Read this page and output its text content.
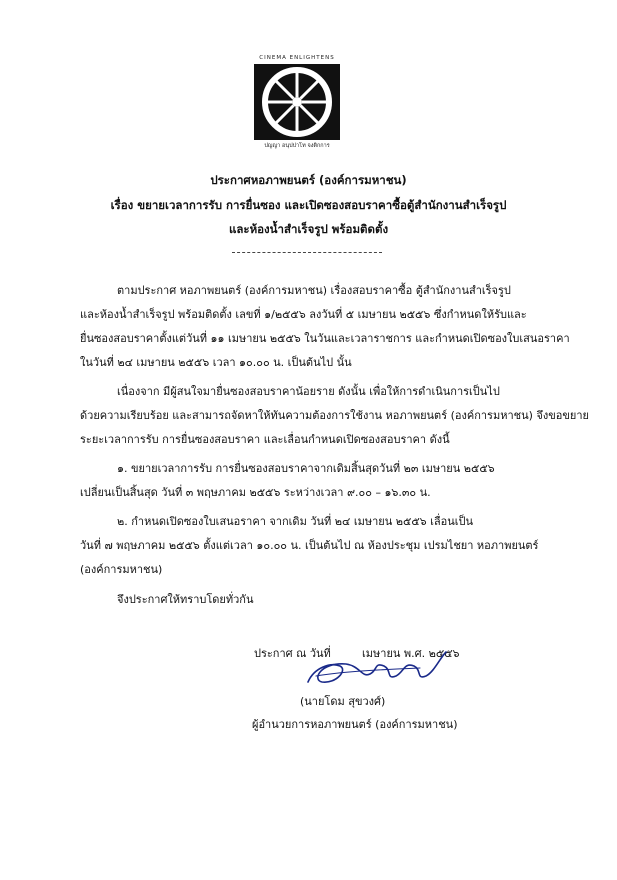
CINEMA ENLIGHTENS
ปญญา อนุปปาโท จงติกการ
ประกาศหอภาพยนตร์ (องค์การมหาชน)
เรื่อง ขยายเวลาการรับ การยื่นซอง และเปิดซองสอบราคาซื้อตู้สำนักงานสำเร็จรูป
และห้องน้ำสำเร็จรูป พร้อมติดตั้ง
ตามประกาศ หอภาพยนตร์ (องค์การมหาชน) เรื่องสอบราคาซื้อ ตู้สำนักงานสำเร็จรูป
และห้องน้ำสำเร็จรูป พร้อมติดตั้ง เลขที่ ๑/๒๕๕๖ ลงวันที่ ๕ เมษายน ๒๕๕๖ ซึ่งกำหนดให้รับและ
ยื่นซองสอบราคาตั้งแต่วันที่ ๑๑ เมษายน ๒๕๕๖ ในวันและเวลาราชการ และกำหนดเปิดซองใบเสนอราคา
ในวันที่ ๒๔ เมษายน ๒๕๕๖ เวลา ๑๐.๐๐ น. เป็นต้นไป นั้น
เนื่องจาก มีผู้สนใจมายื่นซองสอบราคาน้อยราย ดังนั้น เพื่อให้การดำเนินการเป็นไป
ด้วยความเรียบร้อย และสามารถจัดหาให้ทันความต้องการใช้งาน หอภาพยนตร์ (องค์การมหาชน) จึงขอขยาย
ระยะเวลาการรับ การยื่นซองสอบราคา และเลื่อนกำหนดเปิดซองสอบราคา ดังนี้
๑. ขยายเวลาการรับ การยื่นซองสอบราคาจากเดิมสิ้นสุดวันที่ ๒๓ เมษายน ๒๕๕๖
เปลี่ยนเป็นสิ้นสุด วันที่ ๓ พฤษภาคม ๒๕๕๖ ระหว่างเวลา ๙.๐๐ – ๑๖.๓๐ น.
๒. กำหนดเปิดซองใบเสนอราคา จากเดิม วันที่ ๒๔ เมษายน ๒๕๕๖ เลื่อนเป็น
วันที่ ๗ พฤษภาคม ๒๕๕๖ ตั้งแต่เวลา ๑๐.๐๐ น. เป็นต้นไป ณ ห้องประชุม เปรมไชยา หอภาพยนตร์
(องค์การมหาชน)
จึงประกาศให้ทราบโดยทั่วกัน
ประกาศ ณ วันที่	เมษายน พ.ศ. ๒๕๕๖
(นายโดม สุขวงศ์)
ผู้อำนวยการหอภาพยนตร์ (องค์การมหาชน)
